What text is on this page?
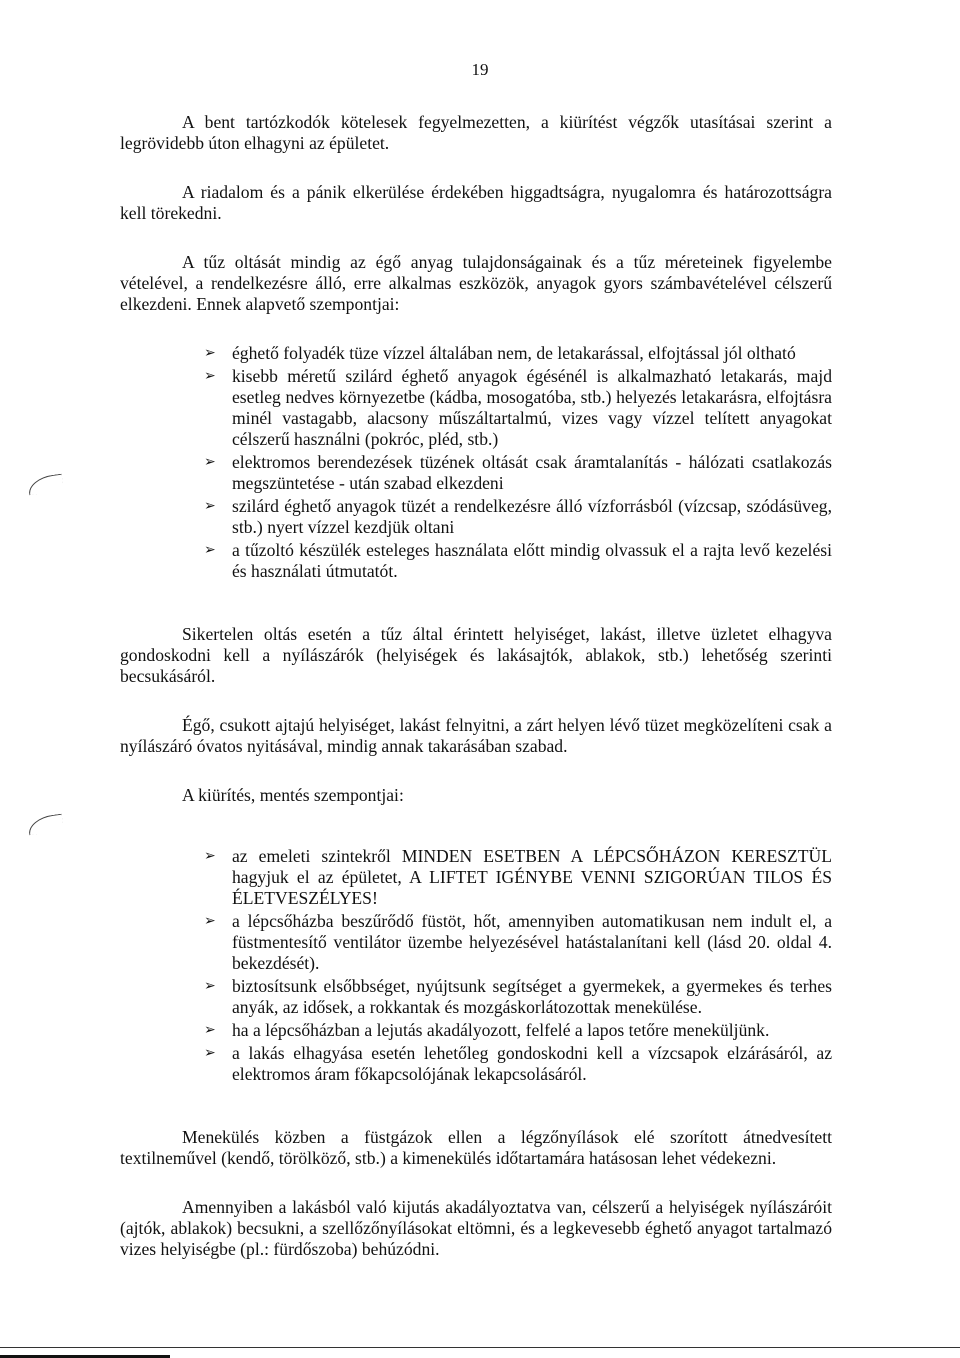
19

A bent tartózkodók kötelesek fegyelmezetten, a kiürítést végzők utasításai szerint a legrövidebb úton elhagyni az épületet.

A riadalom és a pánik elkerülése érdekében higgadtságra, nyugalomra és határozottságra kell törekedni.

A tűz oltását mindig az égő anyag tulajdonságainak és a tűz méreteinek figyelembe vételével, a rendelkezésre álló, erre alkalmas eszközök, anyagok gyors számbavételével célszerű elkezdeni. Ennek alapvető szempontjai:

➢ éghető folyadék tüze vízzel általában nem, de letakarással, elfojtással jól oltható
➢ kisebb méretű szilárd éghető anyagok égésénél is alkalmazható letakarás, majd esetleg nedves környezetbe (kádba, mosogatóba, stb.) helyezés letakarásra, elfojtásra minél vastagabb, alacsony műszáltartalmú, vizes vagy vízzel telített anyagokat célszerű használni (pokróc, pléd, stb.)
➢ elektromos berendezések tüzének oltását csak áramtalanítás - hálózati csatlakozás megszüntetése - után szabad elkezdeni
➢ szilárd éghető anyagok tüzét a rendelkezésre álló vízforrásból (vízcsap, szódásüveg, stb.) nyert vízzel kezdjük oltani
➢ a tűzoltó készülék esteleges használata előtt mindig olvassuk el a rajta levő kezelési és használati útmutatót.

Sikertelen oltás esetén a tűz által érintett helyiséget, lakást, illetve üzletet elhagyva gondoskodni kell a nyílászárók (helyiségek és lakásajtók, ablakok, stb.) lehetőség szerinti becsukásáról.

Égő, csukott ajtajú helyiséget, lakást felnyitni, a zárt helyen lévő tüzet megközelíteni csak a nyílászáró óvatos nyitásával, mindig annak takarásában szabad.

A kiürítés, mentés szempontjai:

➢ az emeleti szintekről MINDEN ESETBEN A LÉPCSŐHÁZON KERESZTÜL hagyjuk el az épületet, A LIFTET IGÉNYBE VENNI SZIGORÚAN TILOS ÉS ÉLETVESZÉLYES!
➢ a lépcsőházba beszűrődő füstöt, hőt, amennyiben automatikusan nem indult el, a füstmentesítő ventilátor üzembe helyezésével hatástalanítani kell (lásd 20. oldal 4. bekezdését).
➢ biztosítsunk elsőbbséget, nyújtsunk segítséget a gyermekek, a gyermekes és terhes anyák, az idősek, a rokkantak és mozgáskorlátozottak menekülése.
➢ ha a lépcsőházban a lejutás akadályozott, felfelé a lapos tetőre meneküljünk.
➢ a lakás elhagyása esetén lehetőleg gondoskodni kell a vízcsapok elzárásáról, az elektromos áram főkapcsolójának lekapcsolásáról.

Menekülés közben a füstgázok ellen a légzőnyílások elé szorított átnedvesített textilneművel (kendő, törölköző, stb.) a kimenekülés időtartamára hatásosan lehet védekezni.

Amennyiben a lakásból való kijutás akadályoztatva van, célszerű a helyiségek nyílászáróit (ajtók, ablakok) becsukni, a szellőzőnyílásokat eltömni, és a legkevesebb éghető anyagot tartalmazó vizes helyiségbe (pl.: fürdőszoba) behúzódni.
